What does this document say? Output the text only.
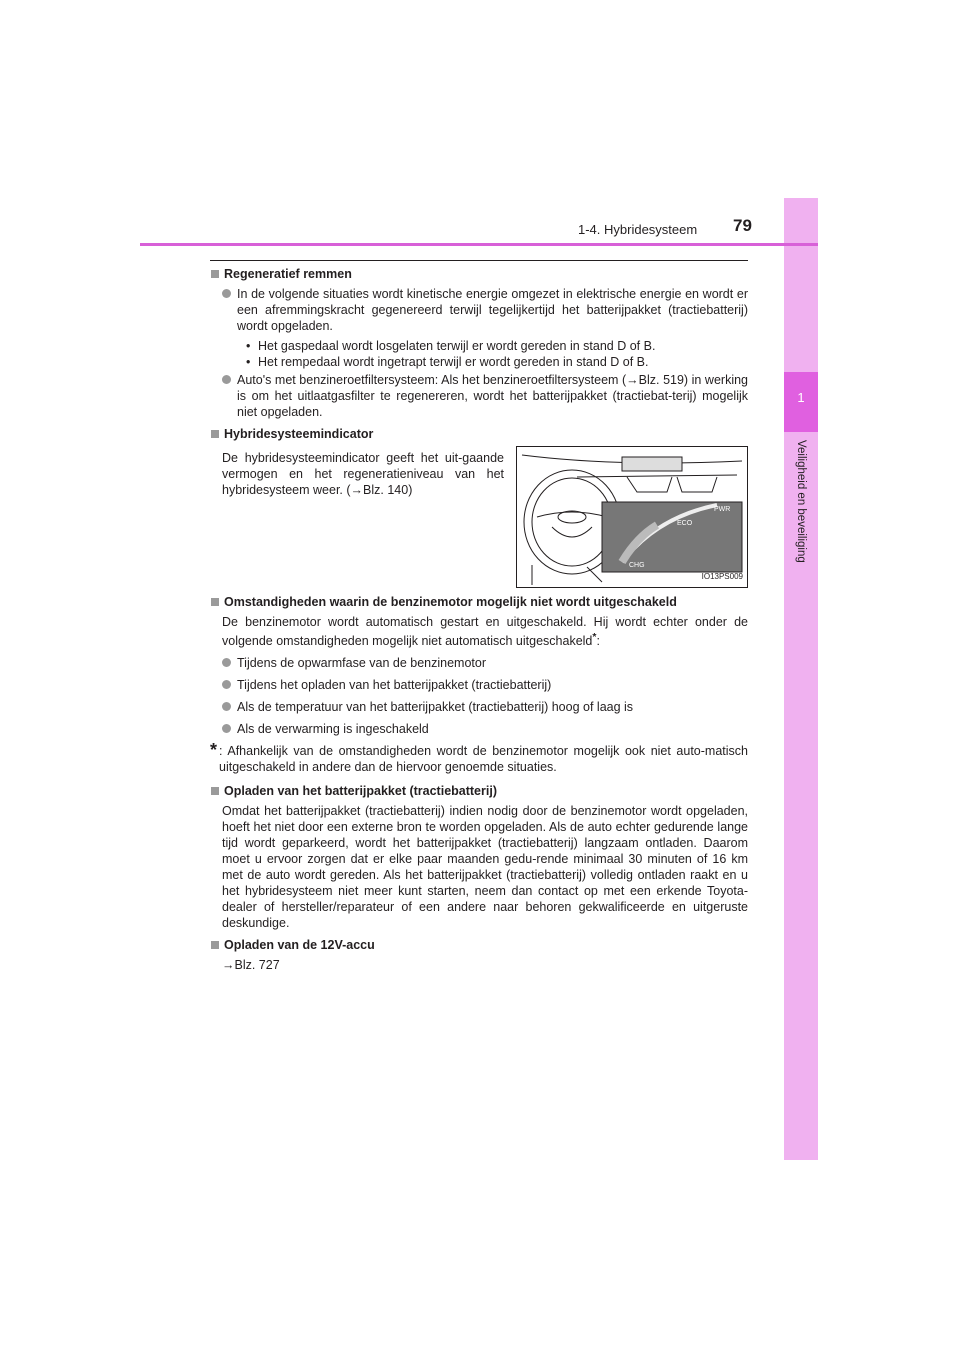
1
Veiligheid en beveiliging
1-4. Hybridesysteem 79
Regeneratief remmen
In de volgende situaties wordt kinetische energie omgezet in elektrische energie en wordt er een afremmingskracht gegenereerd terwijl tegelijkertijd het batterijpakket (tractiebatterij) wordt opgeladen.
• Het gaspedaal wordt losgelaten terwijl er wordt gereden in stand D of B.
• Het rempedaal wordt ingetrapt terwijl er wordt gereden in stand D of B.
Auto's met benzineroetfiltersysteem: Als het benzineroetfiltersysteem (→Blz. 519) in werking is om het uitlaatgasfilter te regenereren, wordt het batterijpakket (tractiebat-terij) mogelijk niet opgeladen.
Hybridesysteemindicator
De hybridesysteemindicator geeft het uit-gaande vermogen en het regeneratieniveau van het hybridesysteem weer. (→Blz. 140)
ECO
PWR
CHG
IO13PS009
Omstandigheden waarin de benzinemotor mogelijk niet wordt uitgeschakeld
De benzinemotor wordt automatisch gestart en uitgeschakeld. Hij wordt echter onder de volgende omstandigheden mogelijk niet automatisch uitgeschakeld*:
Tijdens de opwarmfase van de benzinemotor
Tijdens het opladen van het batterijpakket (tractiebatterij)
Als de temperatuur van het batterijpakket (tractiebatterij) hoog of laag is
Als de verwarming is ingeschakeld
* : Afhankelijk van de omstandigheden wordt de benzinemotor mogelijk ook niet auto-matisch uitgeschakeld in andere dan de hiervoor genoemde situaties.
Opladen van het batterijpakket (tractiebatterij)
Omdat het batterijpakket (tractiebatterij) indien nodig door de benzinemotor wordt opgeladen, hoeft het niet door een externe bron te worden opgeladen. Als de auto echter gedurende lange tijd wordt geparkeerd, wordt het batterijpakket (tractiebatterij) langzaam ontladen. Daarom moet u ervoor zorgen dat er elke paar maanden gedu-rende minimaal 30 minuten of 16 km met de auto wordt gereden. Als het batterijpakket (tractiebatterij) volledig ontladen raakt en u het hybridesysteem niet meer kunt starten, neem dan contact op met een erkende Toyota-dealer of hersteller/reparateur of een andere naar behoren gekwalificeerde en uitgeruste deskundige.
Opladen van de 12V-accu
→Blz. 727
